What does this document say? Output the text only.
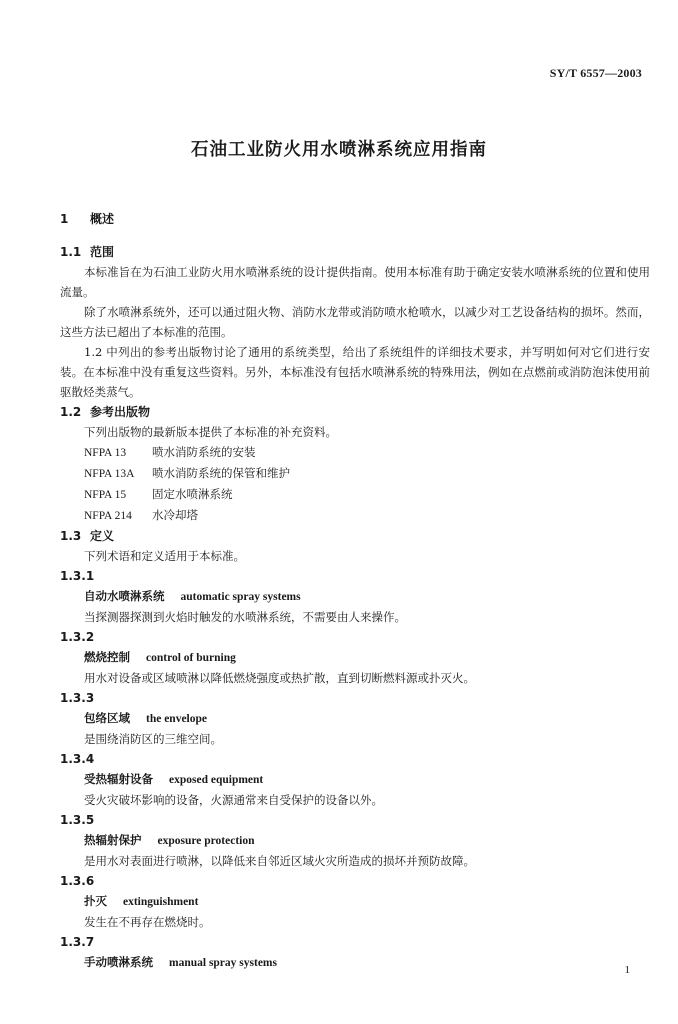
SY/T 6557—2003
石油工业防火用水喷淋系统应用指南
1 概述
1.1 范围
本标准旨在为石油工业防火用水喷淋系统的设计提供指南。使用本标准有助于确定安装水喷淋系统的位置和使用流量。
除了水喷淋系统外，还可以通过阻火物、消防水龙带或消防喷水枪喷水，以减少对工艺设备结构的损坏。然而，这些方法已超出了本标准的范围。
1.2 中列出的参考出版物讨论了通用的系统类型，给出了系统组件的详细技术要求，并写明如何对它们进行安装。在本标准中没有重复这些资料。另外，本标准没有包括水喷淋系统的特殊用法，例如在点燃前或消防泡沫使用前驱散烃类蒸气。
1.2 参考出版物
下列出版物的最新版本提供了本标准的补充资料。
NFPA 13 喷水消防系统的安装
NFPA 13A 喷水消防系统的保管和维护
NFPA 15 固定水喷淋系统
NFPA 214 水冷却塔
1.3 定义
下列术语和定义适用于本标准。
1.3.1
自动水喷淋系统 automatic spray systems
当探测器探测到火焰时触发的水喷淋系统，不需要由人来操作。
1.3.2
燃烧控制 control of burning
用水对设备或区域喷淋以降低燃烧强度或热扩散，直到切断燃料源或扑灭火。
1.3.3
包络区域 the envelope
是围绕消防区的三维空间。
1.3.4
受热辐射设备 exposed equipment
受火灾破坏影响的设备，火源通常来自受保护的设备以外。
1.3.5
热辐射保护 exposure protection
是用水对表面进行喷淋，以降低来自邻近区域火灾所造成的损坏并预防故障。
1.3.6
扑灭 extinguishment
发生在不再存在燃烧时。
1.3.7
手动喷淋系统 manual spray systems
1
